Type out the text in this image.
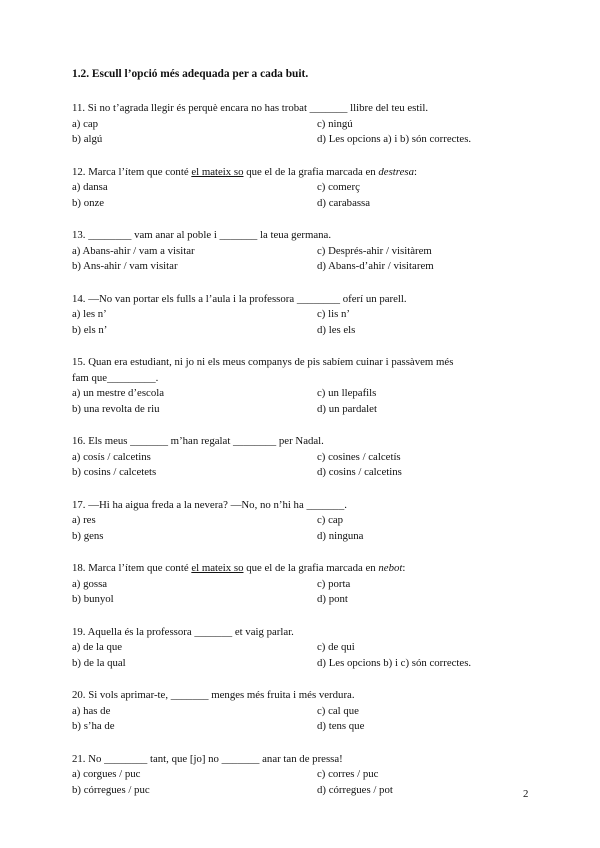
1.2. Escull l’opció més adequada per a cada buit.
11. Si no t’agrada llegir és perquè encara no has trobat _______ llibre del teu estil.
a) cap	c) ningú
b) algú	d) Les opcions a) i b) són correctes.
12. Marca l’ítem que conté el mateix so que el de la grafia marcada en destresa:
a) dansa	c) comerç
b) onze	d) carabassa
13. ________ vam anar al poble i _______ la teua germana.
a) Abans-ahir / vam a visitar	c) Després-ahir / visitàrem
b) Ans-ahir / vam visitar	d) Abans-d’ahir / visitarem
14. —No van portar els fulls a l’aula i la professora ________ oferí un parell.
a) les n’	c) lis n’
b) els n’	d) les els
15. Quan era estudiant, ni jo ni els meus companys de pis sabíem cuinar i passàvem més
fam que_________.
a) un mestre d’escola	c) un llepafils
b) una revolta de riu	d) un pardalet
16. Els meus _______ m’han regalat ________ per Nadal.
a) cosís / calcetins	c) cosines / calcetís
b) cosins / calcetets	d) cosins / calcetins
17. —Hi ha aigua freda a la nevera? —No, no n’hi ha _______.
a) res	c) cap
b) gens	d) ninguna
18. Marca l’ítem que conté el mateix so que el de la grafia marcada en nebot:
a) gossa	c) porta
b) bunyol	d) pont
19. Aquella és la professora _______ et vaig parlar.
a) de la que	c) de qui
b) de la qual	d) Les opcions b) i c) són correctes.
20. Si vols aprimar-te, _______ menges més fruita i més verdura.
a) has de	c) cal que
b) s’ha de	d) tens que
21. No ________ tant, que [jo] no _______ anar tan de pressa!
a) corgues / puc	c) corres / puc
b) córregues / puc	d) córregues / pot	2
